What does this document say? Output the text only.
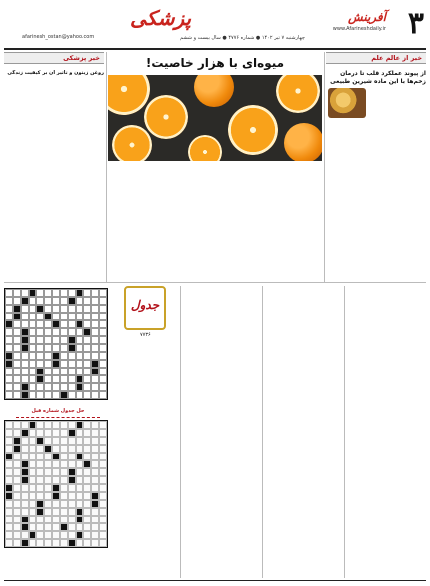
۳
آفرینش
www.Afarineshdaily.ir
پزشکی
afarinesh_ostan@yahoo.com	چهارشنبه ۷ تیر ۱۴۰۲ ● شماره ۴۷۷۶ ● سال بیست و ششم
خبر از عالم علم
خبر پزشکی	میوه‌ای با هزار خاصیت!
از پیوند عملکرد قلب تا درمان زخم‌ها با این ماده شیرین طبیعی

روغن زیتون و تأثیر آن بر کیفیت زندگی

جدول
۷۷۳۶
حل جدول شماره قبل
